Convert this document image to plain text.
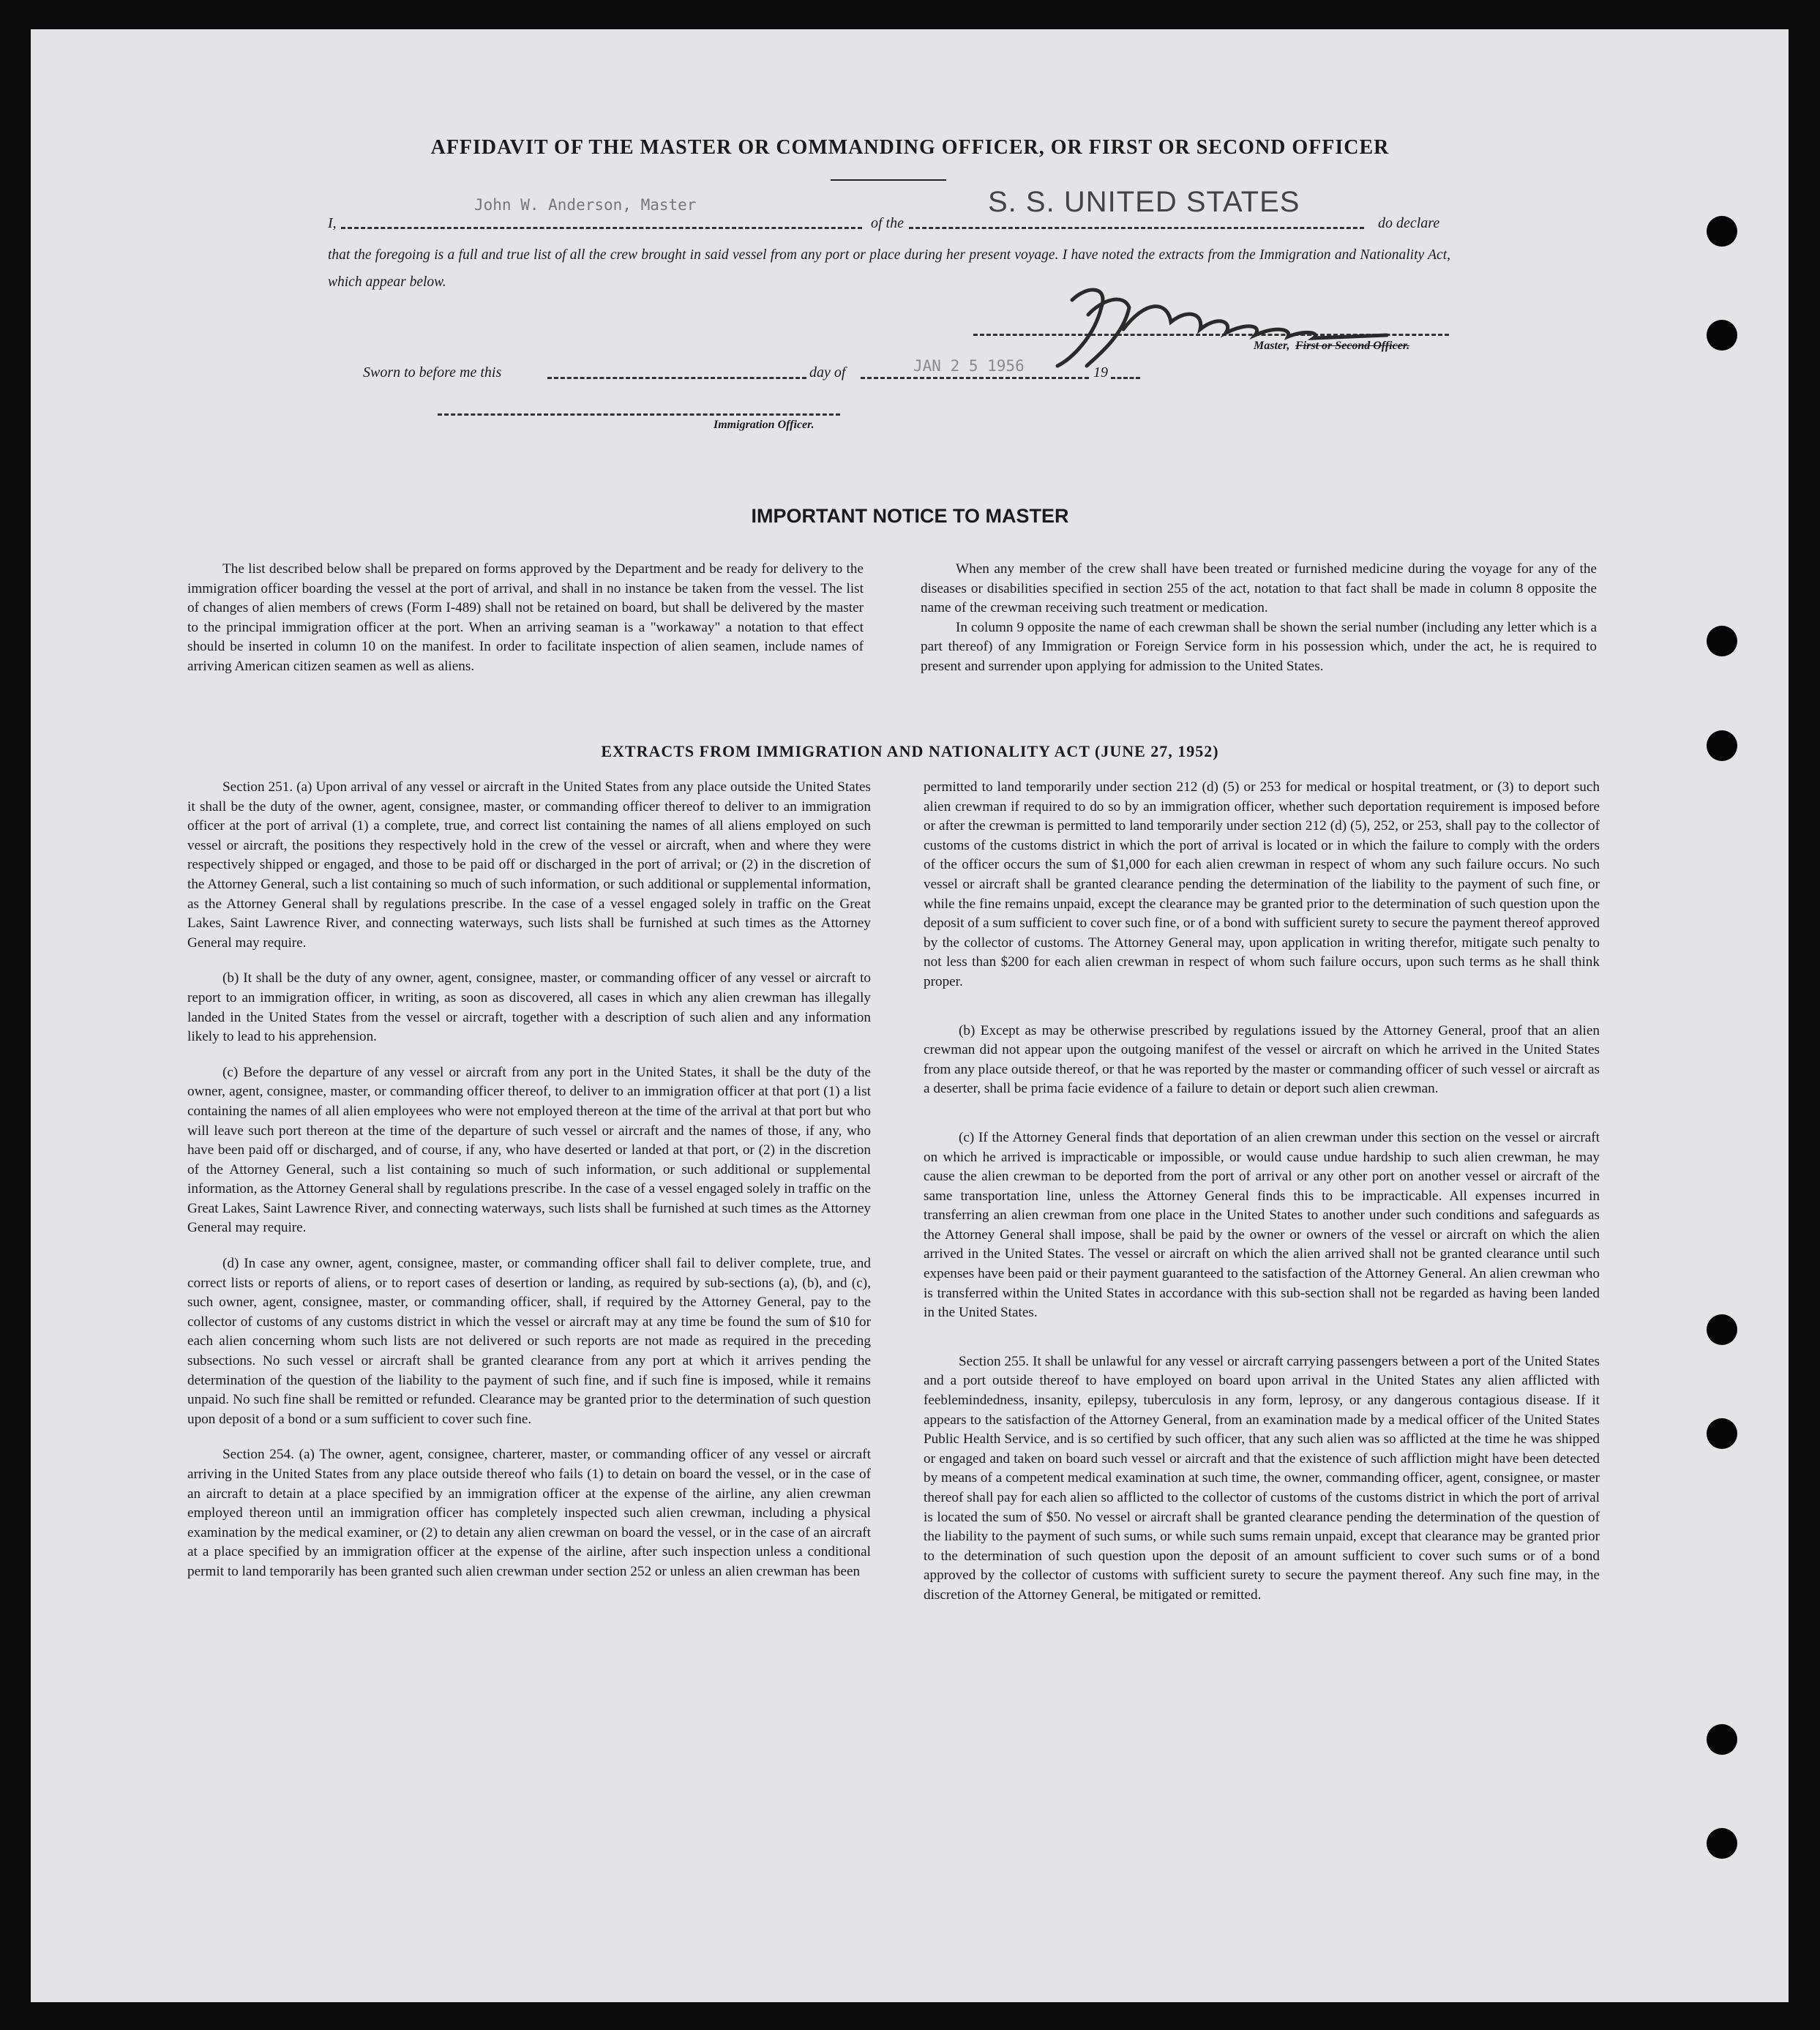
AFFIDAVIT OF THE MASTER OR COMMANDING OFFICER, OR FIRST OR SECOND OFFICER
I,
John W. Anderson, Master
of the
S. S. UNITED STATES
do declare
that the foregoing is a full and true list of all the crew brought in said vessel from any port or place during her present voyage. I have noted the extracts from the Immigration and Nationality Act, which appear below.
Master, First or Second Officer.
Sworn to before me this	day of	JAN 2 5 1956	19
Immigration Officer.
IMPORTANT NOTICE TO MASTER

The list described below shall be prepared on forms approved by the Department and be ready for delivery to the immigration officer boarding the vessel at the port of arrival, and shall in no instance be taken from the vessel. The list of changes of alien members of crews (Form I-489) shall not be retained on board, but shall be delivered by the master to the principal immigration officer at the port. When an arriving seaman is a "workaway" a notation to that effect should be inserted in column 10 on the manifest. In order to facilitate inspection of alien seamen, include names of arriving American citizen seamen as well as aliens.

When any member of the crew shall have been treated or furnished medicine during the voyage for any of the diseases or disabilities specified in section 255 of the act, notation to that fact shall be made in column 8 opposite the name of the crewman receiving such treatment or medication.

In column 9 opposite the name of each crewman shall be shown the serial number (including any letter which is a part thereof) of any Immigration or Foreign Service form in his possession which, under the act, he is required to present and surrender upon applying for admission to the United States.

EXTRACTS FROM IMMIGRATION AND NATIONALITY ACT (JUNE 27, 1952)

Section 251. (a) Upon arrival of any vessel or aircraft in the United States from any place outside the United States it shall be the duty of the owner, agent, consignee, master, or commanding officer thereof to deliver to an immigration officer at the port of arrival (1) a complete, true, and correct list containing the names of all aliens employed on such vessel or aircraft, the positions they respectively hold in the crew of the vessel or aircraft, when and where they were respectively shipped or engaged, and those to be paid off or discharged in the port of arrival; or (2) in the discretion of the Attorney General, such a list containing so much of such information, or such additional or supplemental information, as the Attorney General shall by regulations prescribe. In the case of a vessel engaged solely in traffic on the Great Lakes, Saint Lawrence River, and connecting waterways, such lists shall be furnished at such times as the Attorney General may require.

(b) It shall be the duty of any owner, agent, consignee, master, or commanding officer of any vessel or aircraft to report to an immigration officer, in writing, as soon as discovered, all cases in which any alien crewman has illegally landed in the United States from the vessel or aircraft, together with a description of such alien and any information likely to lead to his apprehension.

(c) Before the departure of any vessel or aircraft from any port in the United States, it shall be the duty of the owner, agent, consignee, master, or commanding officer thereof, to deliver to an immigration officer at that port (1) a list containing the names of all alien employees who were not employed thereon at the time of the arrival at that port but who will leave such port thereon at the time of the departure of such vessel or aircraft and the names of those, if any, who have been paid off or discharged, and of course, if any, who have deserted or landed at that port, or (2) in the discretion of the Attorney General, such a list containing so much of such information, or such additional or supplemental information, as the Attorney General shall by regulations prescribe. In the case of a vessel engaged solely in traffic on the Great Lakes, Saint Lawrence River, and connecting waterways, such lists shall be furnished at such times as the Attorney General may require.

(d) In case any owner, agent, consignee, master, or commanding officer shall fail to deliver complete, true, and correct lists or reports of aliens, or to report cases of desertion or landing, as required by sub-sections (a), (b), and (c), such owner, agent, consignee, master, or commanding officer, shall, if required by the Attorney General, pay to the collector of customs of any customs district in which the vessel or aircraft may at any time be found the sum of $10 for each alien concerning whom such lists are not delivered or such reports are not made as required in the preceding subsections. No such vessel or aircraft shall be granted clearance from any port at which it arrives pending the determination of the question of the liability to the payment of such fine, and if such fine is imposed, while it remains unpaid. No such fine shall be remitted or refunded. Clearance may be granted prior to the determination of such question upon deposit of a bond or a sum sufficient to cover such fine.

Section 254. (a) The owner, agent, consignee, charterer, master, or commanding officer of any vessel or aircraft arriving in the United States from any place outside thereof who fails (1) to detain on board the vessel, or in the case of an aircraft to detain at a place specified by an immigration officer at the expense of the airline, any alien crewman employed thereon until an immigration officer has completely inspected such alien crewman, including a physical examination by the medical examiner, or (2) to detain any alien crewman on board the vessel, or in the case of an aircraft at a place specified by an immigration officer at the expense of the airline, after such inspection unless a conditional permit to land temporarily has been granted such alien crewman under section 252 or unless an alien crewman has been

permitted to land temporarily under section 212 (d) (5) or 253 for medical or hospital treatment, or (3) to deport such alien crewman if required to do so by an immigration officer, whether such deportation requirement is imposed before or after the crewman is permitted to land temporarily under section 212 (d) (5), 252, or 253, shall pay to the collector of customs of the customs district in which the port of arrival is located or in which the failure to comply with the orders of the officer occurs the sum of $1,000 for each alien crewman in respect of whom any such failure occurs. No such vessel or aircraft shall be granted clearance pending the determination of the liability to the payment of such fine, or while the fine remains unpaid, except the clearance may be granted prior to the determination of such question upon the deposit of a sum sufficient to cover such fine, or of a bond with sufficient surety to secure the payment thereof approved by the collector of customs. The Attorney General may, upon application in writing therefor, mitigate such penalty to not less than $200 for each alien crewman in respect of whom such failure occurs, upon such terms as he shall think proper.

(b) Except as may be otherwise prescribed by regulations issued by the Attorney General, proof that an alien crewman did not appear upon the outgoing manifest of the vessel or aircraft on which he arrived in the United States from any place outside thereof, or that he was reported by the master or commanding officer of such vessel or aircraft as a deserter, shall be prima facie evidence of a failure to detain or deport such alien crewman.

(c) If the Attorney General finds that deportation of an alien crewman under this section on the vessel or aircraft on which he arrived is impracticable or impossible, or would cause undue hardship to such alien crewman, he may cause the alien crewman to be deported from the port of arrival or any other port on another vessel or aircraft of the same transportation line, unless the Attorney General finds this to be impracticable. All expenses incurred in transferring an alien crewman from one place in the United States to another under such conditions and safeguards as the Attorney General shall impose, shall be paid by the owner or owners of the vessel or aircraft on which the alien arrived in the United States. The vessel or aircraft on which the alien arrived shall not be granted clearance until such expenses have been paid or their payment guaranteed to the satisfaction of the Attorney General. An alien crewman who is transferred within the United States in accordance with this sub-section shall not be regarded as having been landed in the United States.

Section 255. It shall be unlawful for any vessel or aircraft carrying passengers between a port of the United States and a port outside thereof to have employed on board upon arrival in the United States any alien afflicted with feeblemindedness, insanity, epilepsy, tuberculosis in any form, leprosy, or any dangerous contagious disease. If it appears to the satisfaction of the Attorney General, from an examination made by a medical officer of the United States Public Health Service, and is so certified by such officer, that any such alien was so afflicted at the time he was shipped or engaged and taken on board such vessel or aircraft and that the existence of such affliction might have been detected by means of a competent medical examination at such time, the owner, commanding officer, agent, consignee, or master thereof shall pay for each alien so afflicted to the collector of customs of the customs district in which the port of arrival is located the sum of $50. No vessel or aircraft shall be granted clearance pending the determination of the question of the liability to the payment of such sums, or while such sums remain unpaid, except that clearance may be granted prior to the determination of such question upon the deposit of an amount sufficient to cover such sums or of a bond approved by the collector of customs with sufficient surety to secure the payment thereof. Any such fine may, in the discretion of the Attorney General, be mitigated or remitted.
